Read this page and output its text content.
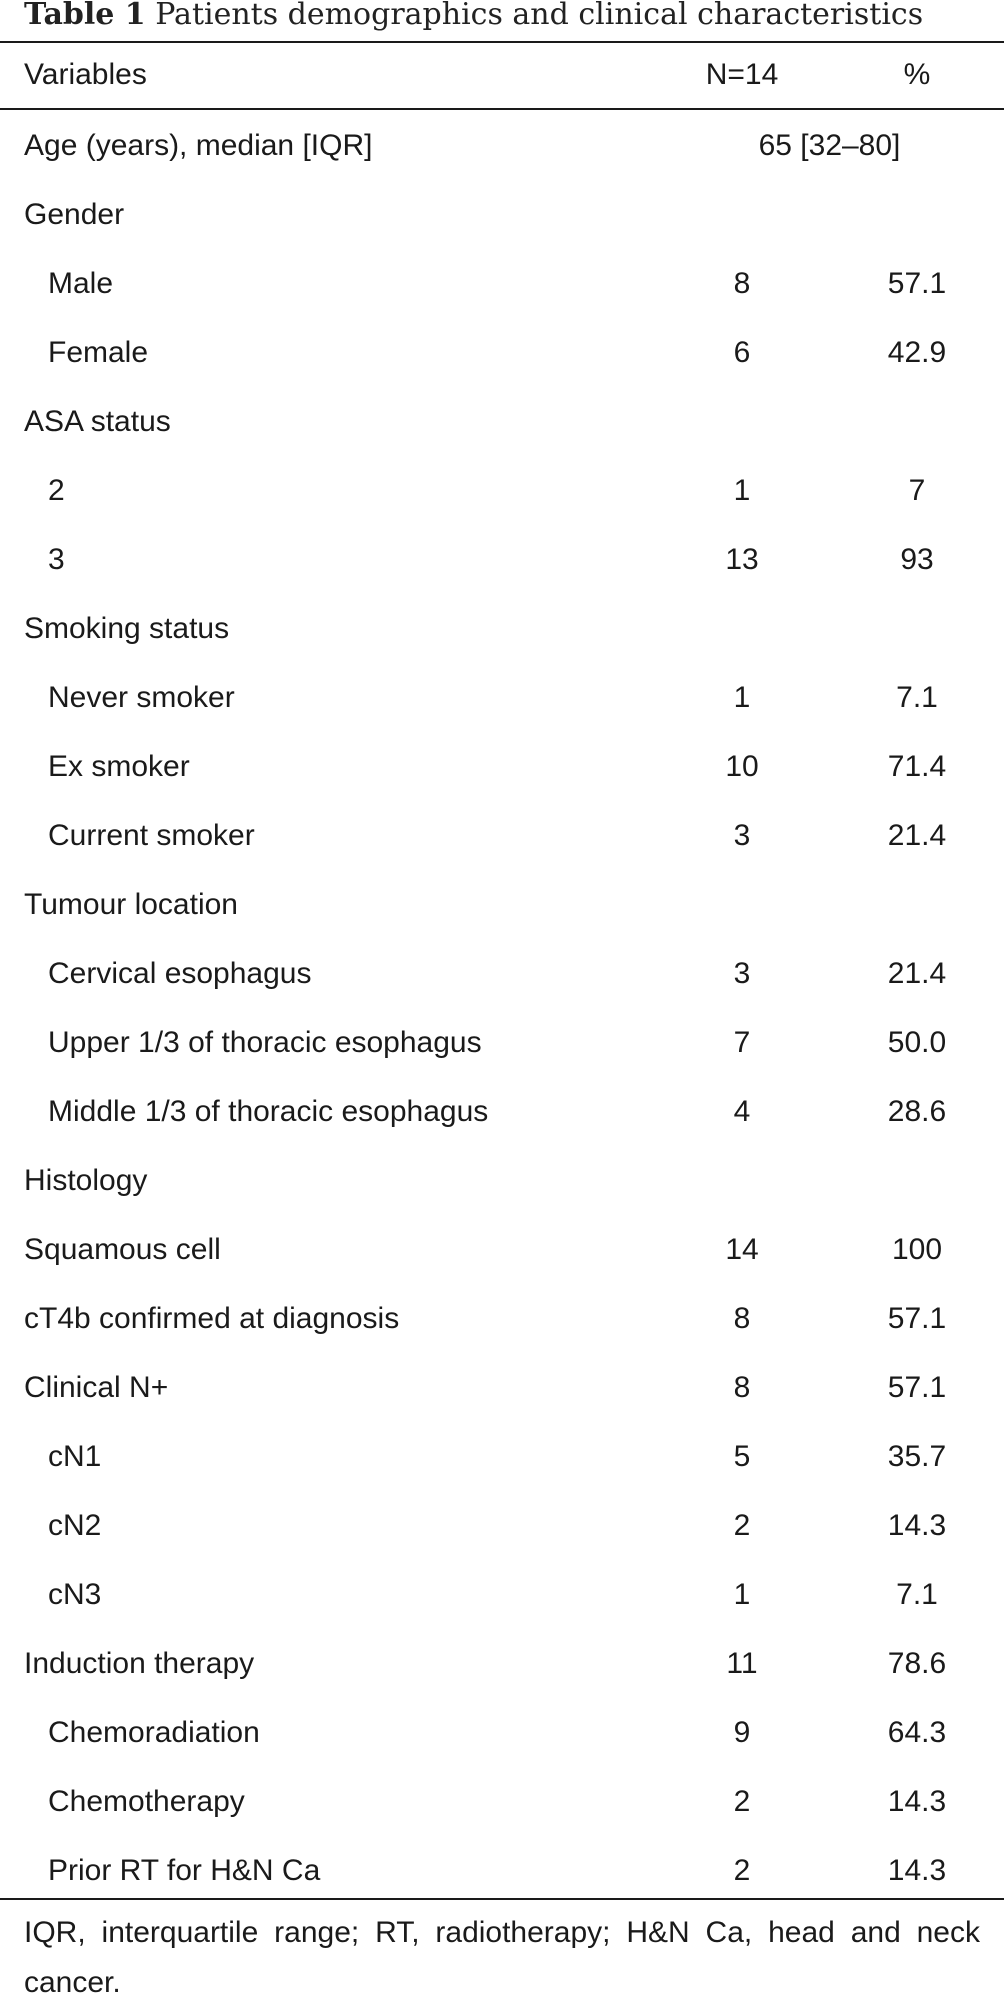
Table 1 Patients demographics and clinical characteristics
Variables	N=14	%
Age (years), median [IQR]	65 [32–80]
Gender
Male	8	57.1
Female	6	42.9
ASA status
2	1	7
3	13	93
Smoking status
Never smoker	1	7.1
Ex smoker	10	71.4
Current smoker	3	21.4
Tumour location
Cervical esophagus	3	21.4
Upper 1/3 of thoracic esophagus	7	50.0
Middle 1/3 of thoracic esophagus	4	28.6
Histology
Squamous cell	14	100
cT4b confirmed at diagnosis	8	57.1
Clinical N+	8	57.1
cN1	5	35.7
cN2	2	14.3
cN3	1	7.1
Induction therapy	11	78.6
Chemoradiation	9	64.3
Chemotherapy	2	14.3
Prior RT for H&N Ca	2	14.3
IQR, interquartile range; RT, radiotherapy; H&N Ca, head and neck cancer.
